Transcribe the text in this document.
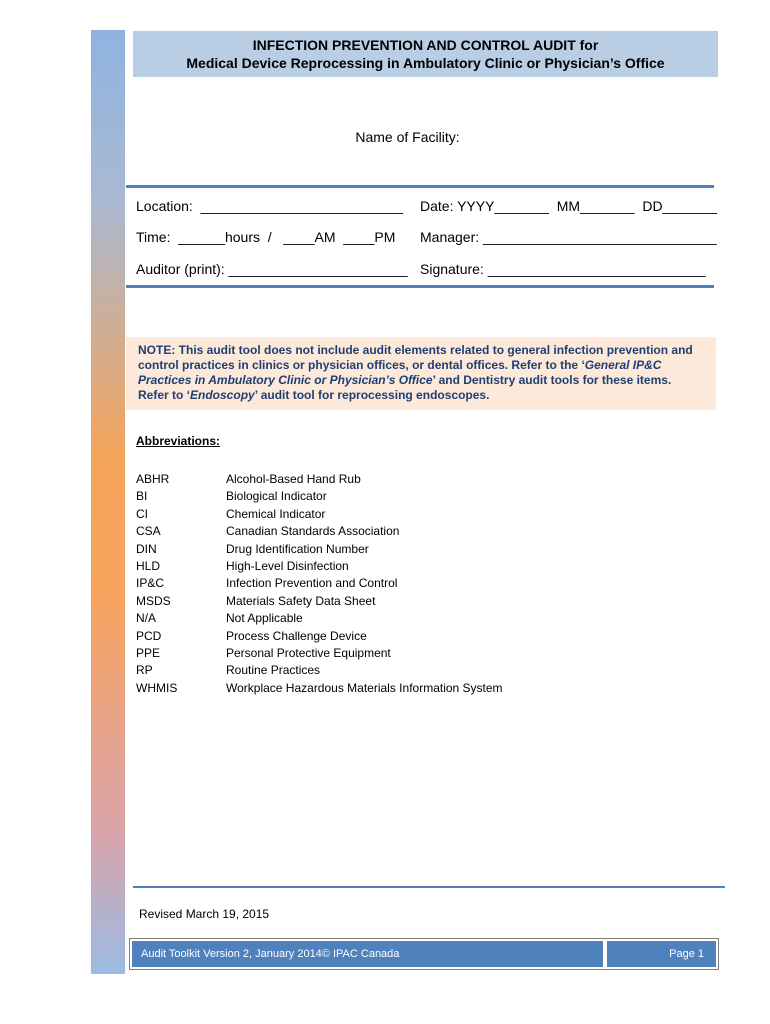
INFECTION PREVENTION AND CONTROL AUDIT for
Medical Device Reprocessing in Ambulatory Clinic or Physician’s Office
Name of Facility:
Location:  __________________________ Date: YYYY_______  MM_______  DD_______
Time:  ______hours  /   ____AM  ____PM Manager: ______________________________
Auditor (print): _______________________ Signature: ____________________________
NOTE: This audit tool does not include audit elements related to general infection prevention and control practices in clinics or physician offices, or dental offices. Refer to the ‘General IP&C Practices in Ambulatory Clinic or Physician’s Office’ and Dentistry audit tools for these items. Refer to ‘Endoscopy’ audit tool for reprocessing endoscopes.
Abbreviations:
ABHR	Alcohol-Based Hand Rub
BI	Biological Indicator
CI	Chemical Indicator
CSA	Canadian Standards Association
DIN	Drug Identification Number
HLD	High-Level Disinfection
IP&C	Infection Prevention and Control
MSDS	Materials Safety Data Sheet
N/A	Not Applicable
PCD	Process Challenge Device
PPE	Personal Protective Equipment
RP	Routine Practices
WHMIS	Workplace Hazardous Materials Information System
Revised March 19, 2015
Audit Toolkit Version 2, January 2014© IPAC Canada	Page 1
